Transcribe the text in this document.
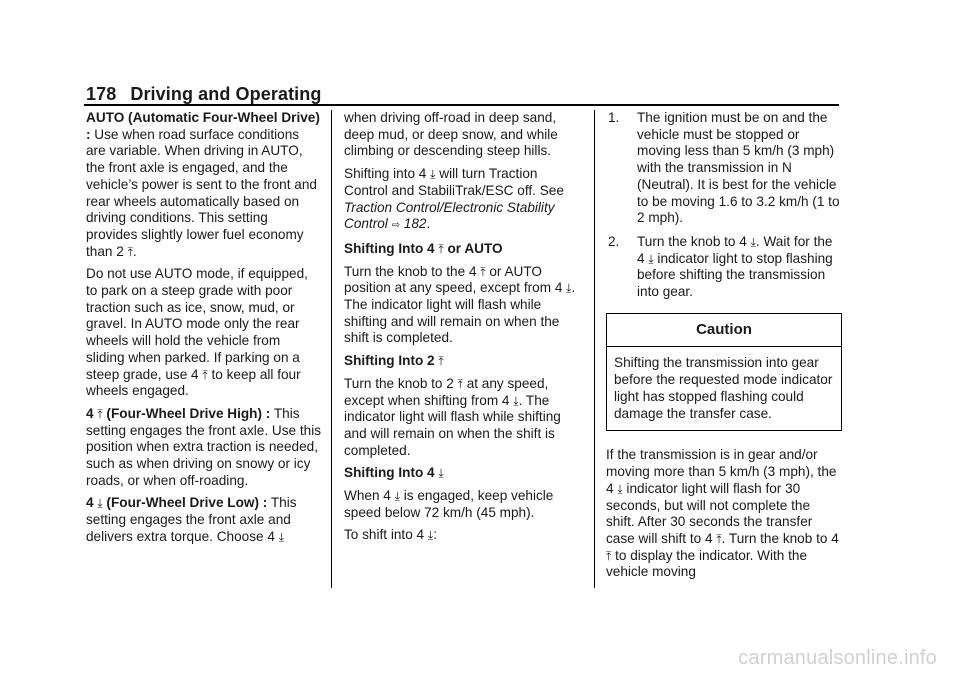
178 Driving and Operating

AUTO (Automatic Four-Wheel Drive) : Use when road surface conditions are variable. When driving in AUTO, the front axle is engaged, and the vehicle’s power is sent to the front and rear wheels automatically based on driving conditions. This setting provides slightly lower fuel economy than 2 ⤒.

Do not use AUTO mode, if equipped, to park on a steep grade with poor traction such as ice, snow, mud, or gravel. In AUTO mode only the rear wheels will hold the vehicle from sliding when parked. If parking on a steep grade, use 4 ⤒ to keep all four wheels engaged.

4 ⤒ (Four-Wheel Drive High) : This setting engages the front axle. Use this position when extra traction is needed, such as when driving on snowy or icy roads, or when off-roading.

4 ⤓ (Four-Wheel Drive Low) : This setting engages the front axle and delivers extra torque. Choose 4 ⤓

when driving off-road in deep sand, deep mud, or deep snow, and while climbing or descending steep hills.

Shifting into 4 ⤓ will turn Traction Control and StabiliTrak/ESC off. See Traction Control/Electronic Stability Control ⇨ 182.

Shifting Into 4 ⤒ or AUTO

Turn the knob to the 4 ⤒ or AUTO position at any speed, except from 4 ⤓. The indicator light will flash while shifting and will remain on when the shift is completed.

Shifting Into 2 ⤒

Turn the knob to 2 ⤒ at any speed, except when shifting from 4 ⤓. The indicator light will flash while shifting and will remain on when the shift is completed.

Shifting Into 4 ⤓

When 4 ⤓ is engaged, keep vehicle speed below 72 km/h (45 mph).

To shift into 4 ⤓:

1. The ignition must be on and the vehicle must be stopped or moving less than 5 km/h (3 mph) with the transmission in N (Neutral). It is best for the vehicle to be moving 1.6 to 3.2 km/h (1 to 2 mph).
2. Turn the knob to 4 ⤓. Wait for the 4 ⤓ indicator light to stop flashing before shifting the transmission into gear.
Caution
Shifting the transmission into gear before the requested mode indicator light has stopped flashing could damage the transfer case.

If the transmission is in gear and/or moving more than 5 km/h (3 mph), the 4 ⤓ indicator light will flash for 30 seconds, but will not complete the shift. After 30 seconds the transfer case will shift to 4 ⤒. Turn the knob to 4 ⤒ to display the indicator. With the vehicle moving

carmanualsonline.info
